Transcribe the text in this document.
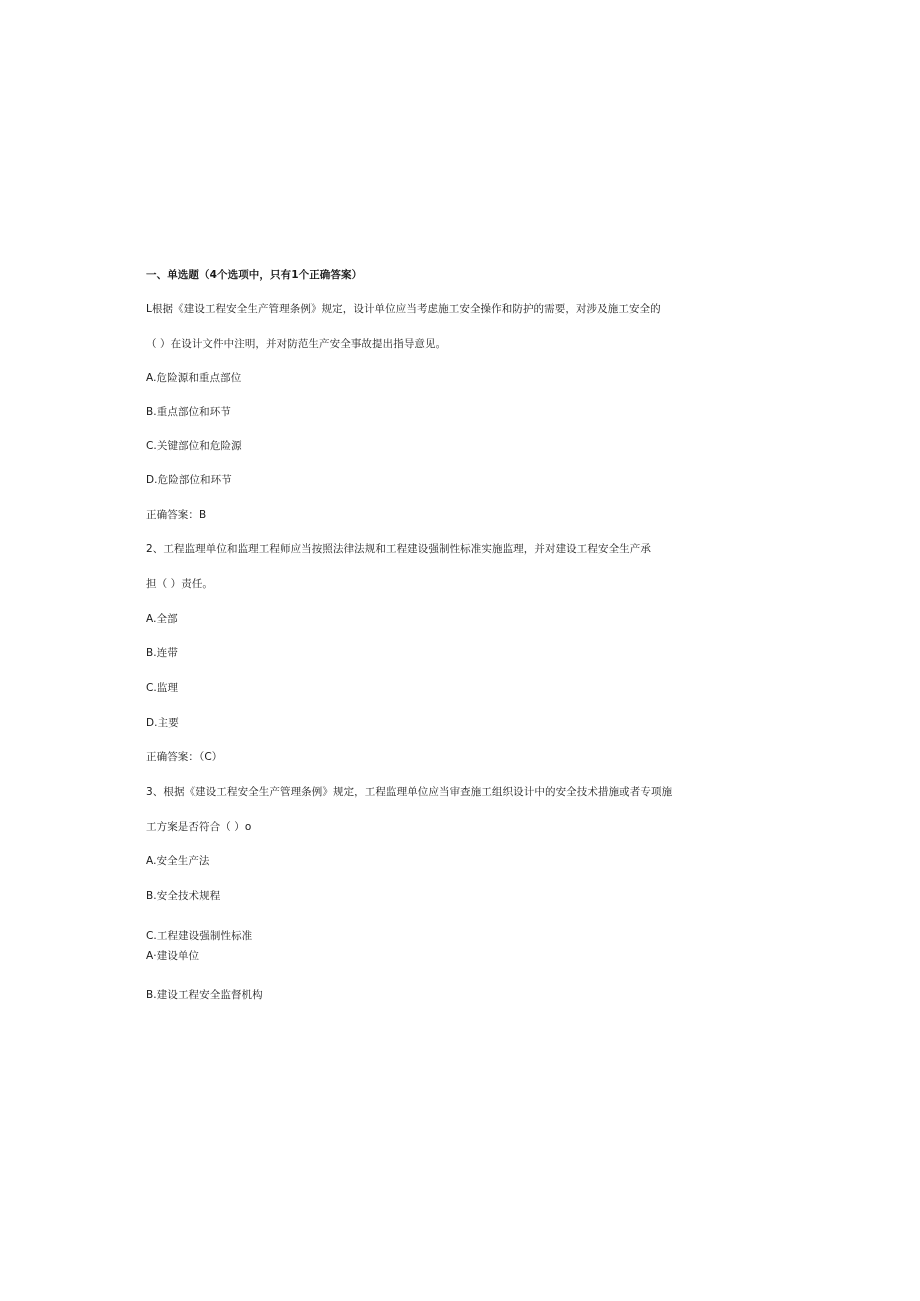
一、单选题（4个选项中，只有1个正确答案）
L根据《建设工程安全生产管理条例》规定，设计单位应当考虑施工安全操作和防护的需要，对涉及施工安全的
（ ）在设计文件中注明，并对防范生产安全事故提出指导意见。
A.危险源和重点部位
B.重点部位和环节
C.关键部位和危险源
D.危险部位和环节
正确答案：B
2、工程监理单位和监理工程师应当按照法律法规和工程建设强制性标准实施监理，并对建设工程安全生产承
担（ ）责任。
A.全部
B.连带
C.监理
D.主要
正确答案：（C）
3、根据《建设工程安全生产管理条例》规定，工程监理单位应当审查施工组织设计中的安全技术措施或者专项施
工方案是否符合（ ）o
A.安全生产法
B.安全技术规程
C.工程建设强制性标准
A·建设单位
B.建设工程安全监督机构
